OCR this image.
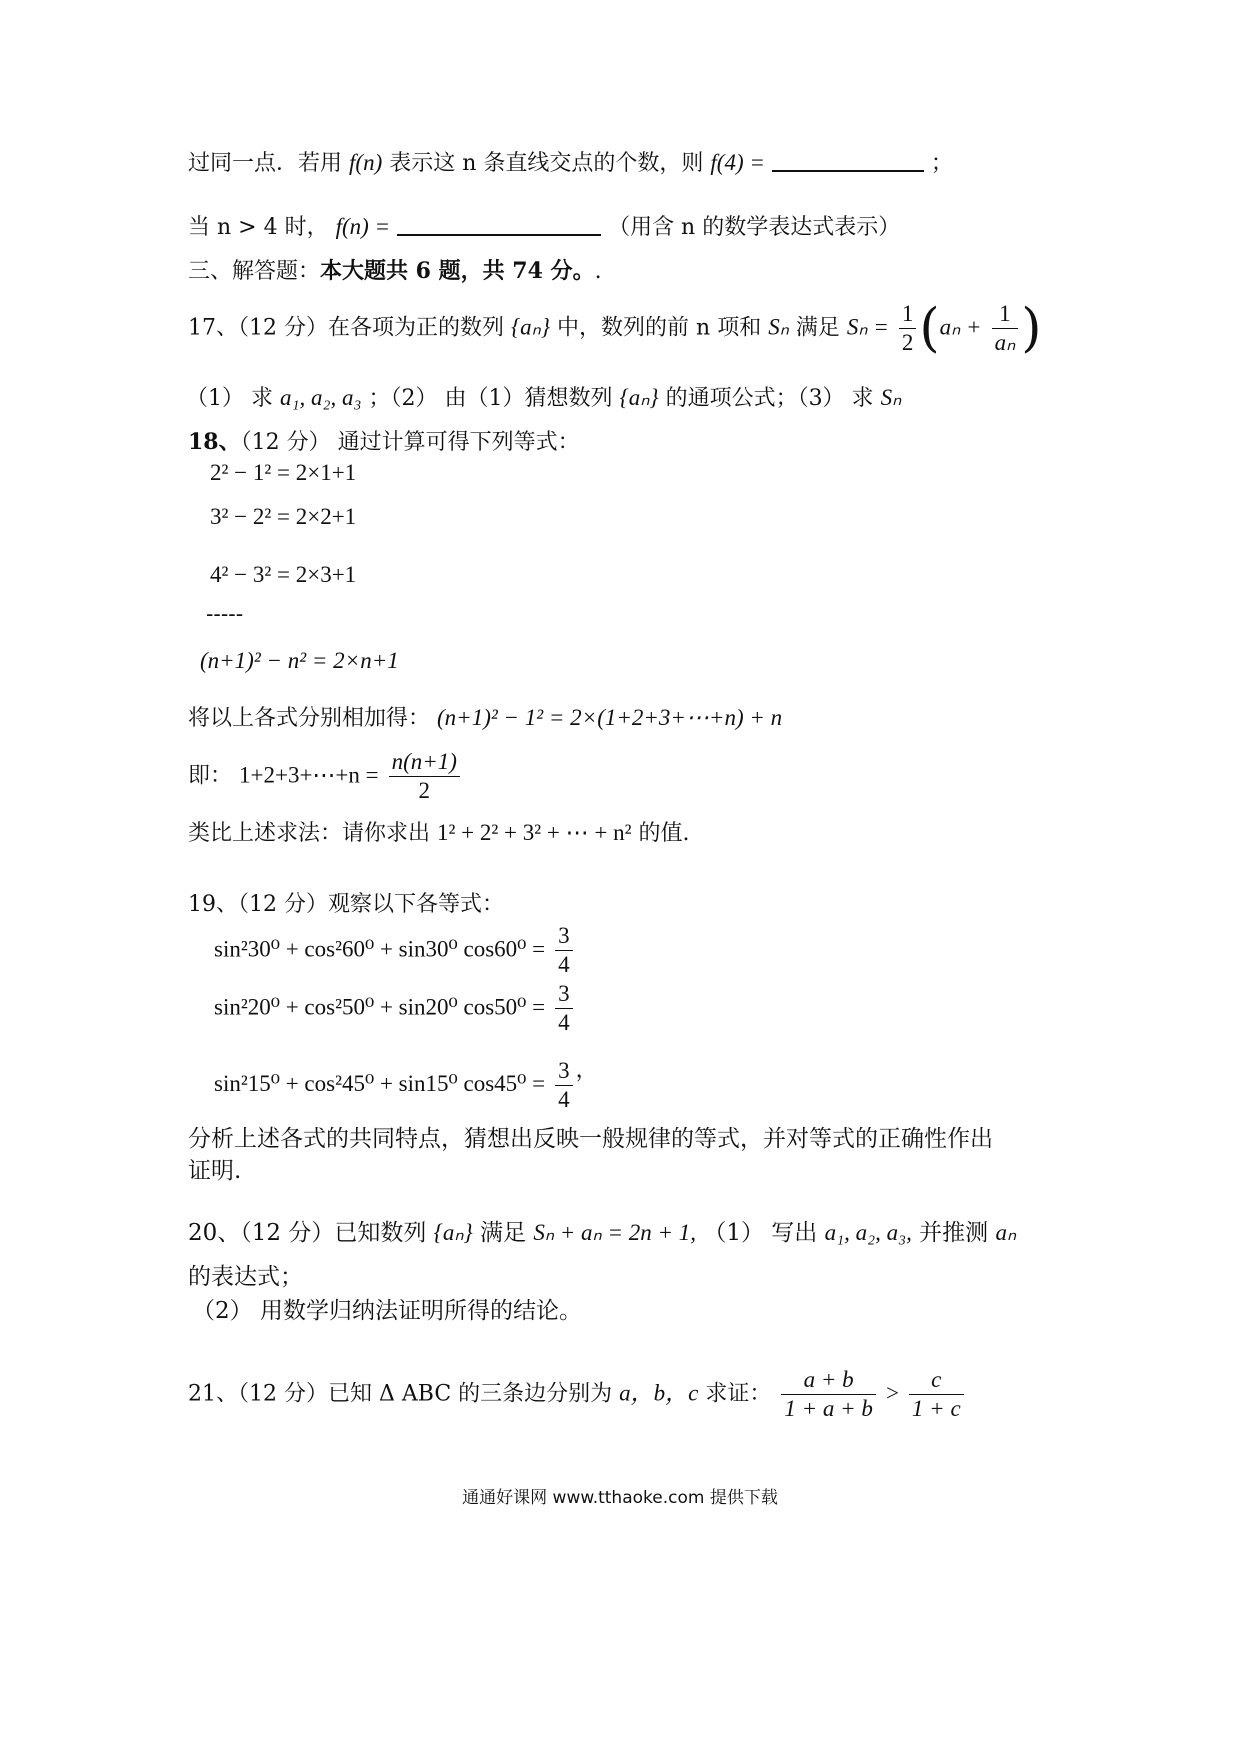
过同一点．若用 f(n) 表示这 n 条直线交点的个数，则 f(4) =	；
当 n > 4 时， f(n) =	（用含 n 的数学表达式表示）
三、解答题：本大题共 6 题，共 74 分。.
17、（12 分）在各项为正的数列 {aₙ} 中，数列的前 n 项和 Sₙ 满足 $S_n = \frac{1}{2} (a_n + \frac{1}{\text{aₙ}}$ )
（1） 求 a₁, a₂, a₃ ；（2） 由（1）猜想数列 {aₙ} 的通项公式；（3） 求 Sₙ
18、（12 分） 通过计算可得下列等式：
2² − 1² = 2×1+1
3² − 2² = 2×2+1
4² − 3² = 2×3+1
-----
(n+1)² − n² = 2×n+1
将以上各式分别相加得： (n+1)² − 1² = 2×(1+2+3+⋯+n) + n
即： 1+2+3+⋯+n = $\frac{n(n+1)}{2}$
类比上述求法：请你求出 1² + 2² + 3² + ⋯ + n² 的值.
19、（12 分）观察以下各等式：
sin²30⁰ + cos²60⁰ + sin30⁰ $\cos 60^0 = \frac{3}{4}$
sin²20⁰ + cos²50⁰ + sin20⁰ $\cos 50^0 = \frac{3}{4}$
sin²15⁰ + cos²45⁰ + sin15⁰ $\cos 45^0 = \frac{3}{4}$ ，
分析上述各式的共同特点，猜想出反映一般规律的等式，并对等式的正确性作出
证明.
20、（12 分）已知数列 {aₙ} 满足 Sₙ + aₙ = 2n + 1, （1） 写出 a₁, a₂, a₃, 并推测 aₙ
的表达式；
（2） 用数学归纳法证明所得的结论。
21、（12 分）已知 Δ ABC 的三条边分别为 a，b，c 求证： $\frac{a + b}{1 + a + b} > \frac{c}{1 + c}$
通通好课网 www.tthaoke.com 提供下载
